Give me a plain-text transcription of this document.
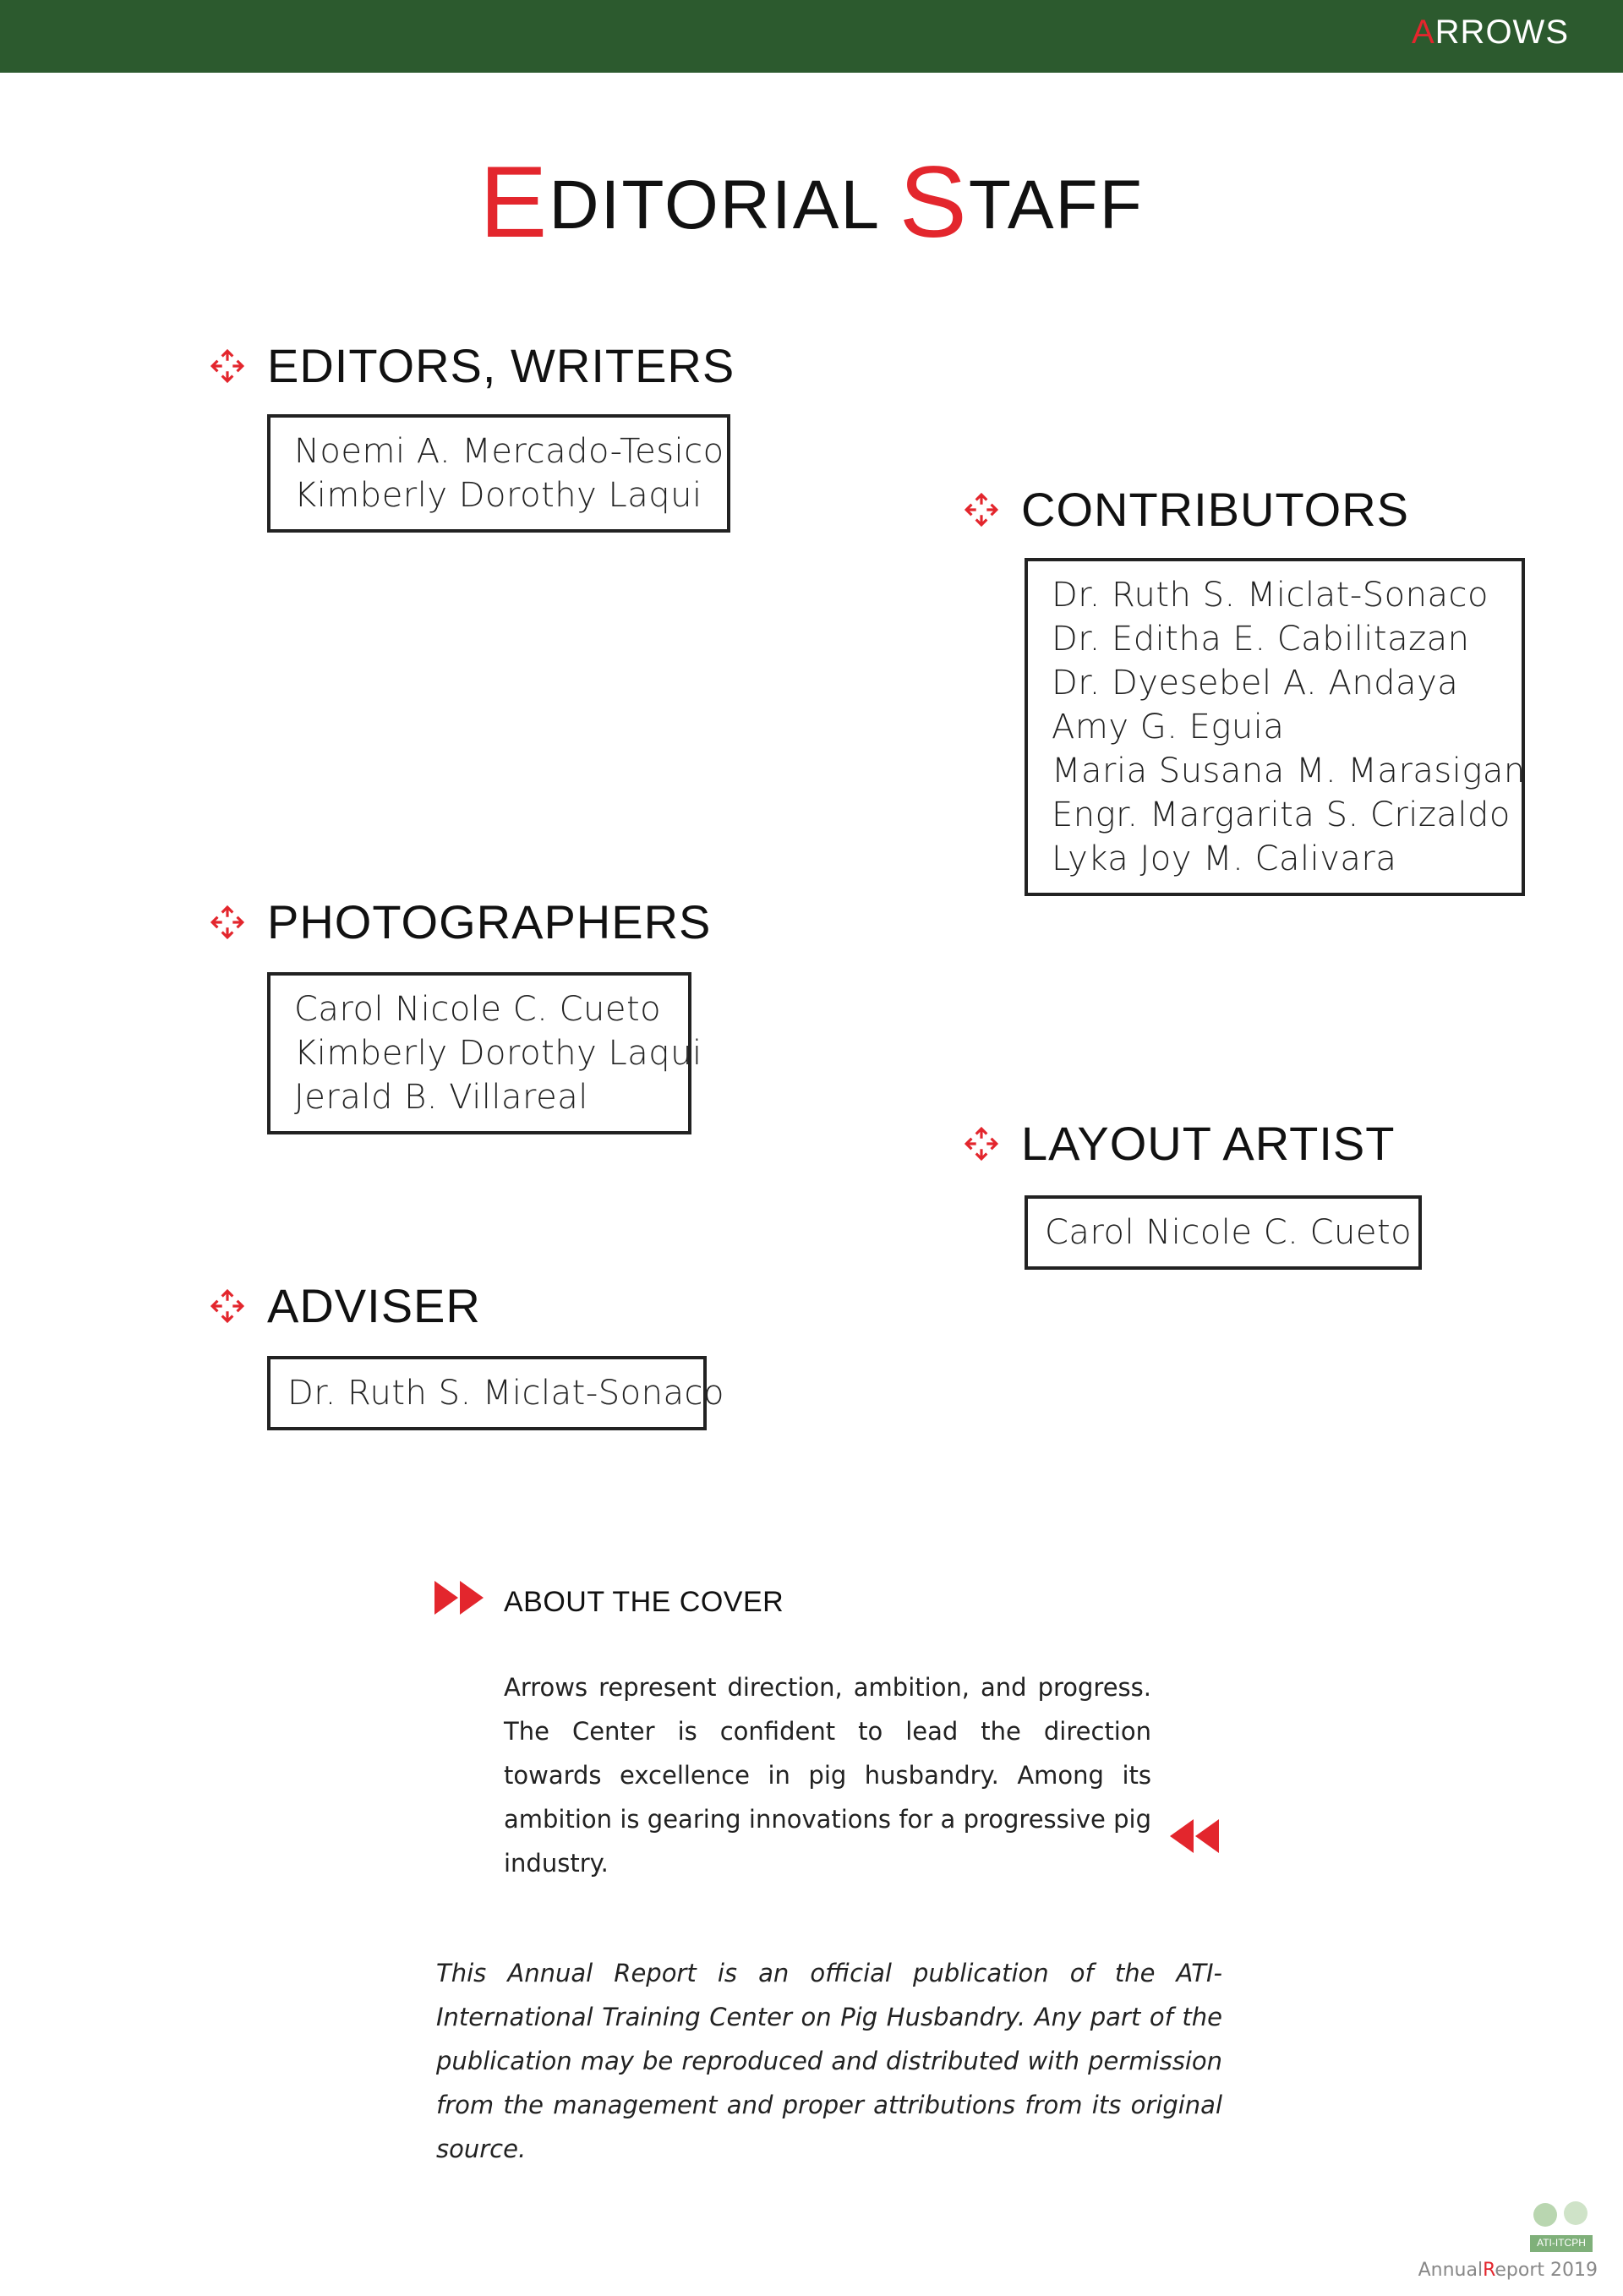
ARROWS
EDITORIAL STAFF
EDITORS, WRITERS
Noemi A. Mercado-Tesico
Kimberly Dorothy Laqui	CONTRIBUTORS
Dr. Ruth S. Miclat-Sonaco
Dr. Editha E. Cabilitazan
Dr. Dyesebel A. Andaya
Amy G. Eguia
Maria Susana M. Marasigan
Engr. Margarita S. Crizaldo
Lyka Joy M. Calivara
PHOTOGRAPHERS
Carol Nicole C. Cueto
Kimberly Dorothy Laqui
Jerald B. Villareal
LAYOUT ARTIST
Carol Nicole C. Cueto
ADVISER
Dr. Ruth S. Miclat-Sonaco
ABOUT THE COVER
Arrows represent direction, ambition, and progress. The Center is confident to lead the direction towards excellence in pig husbandry. Among its ambition is gearing innovations for a progressive pig industry.
This Annual Report is an official publication of the ATI-International Training Center on Pig Husbandry. Any part of the publication may be reproduced and distributed with permission from the management and proper attributions from its original source.
ATI-ITCPH
AnnualReport 2019
